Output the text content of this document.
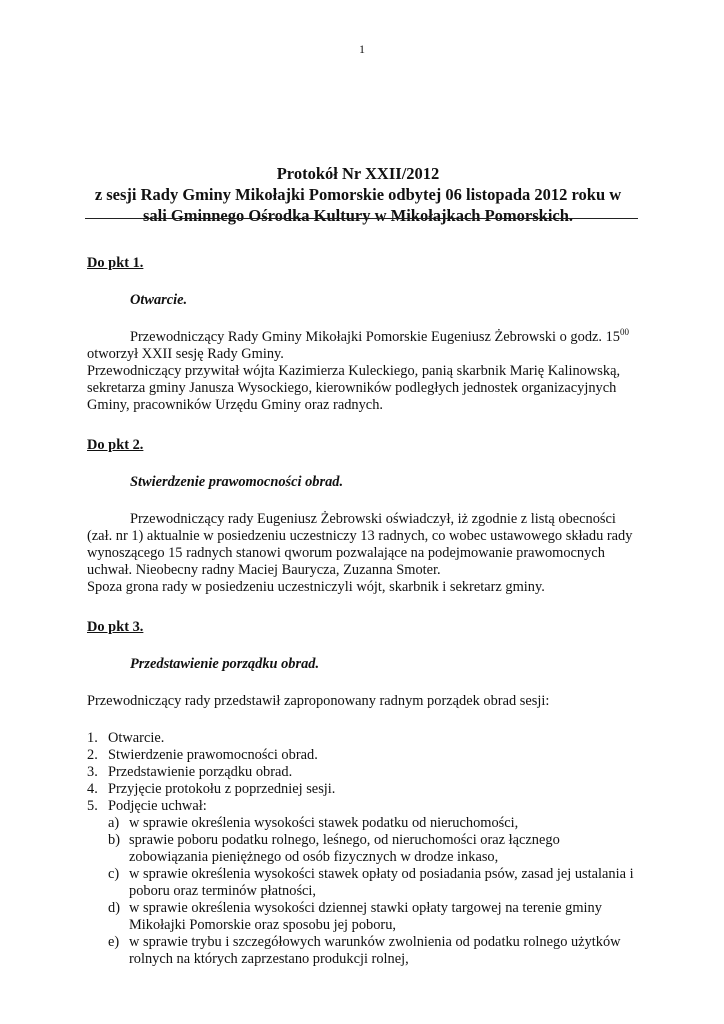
1
Protokół Nr XXII/2012
z sesji Rady Gminy Mikołajki Pomorskie odbytej 06 listopada 2012 roku w
sali Gminnego Ośrodka Kultury w Mikołajkach Pomorskich.

Do pkt 1.

Otwarcie.

Przewodniczący Rady Gminy Mikołajki Pomorskie Eugeniusz Żebrowski o godz. $15^{00}$ otworzył XXII sesję Rady Gminy.
Przewodniczący przywitał wójta Kazimierza Kuleckiego, panią skarbnik Marię Kalinowską, sekretarza gminy Janusza Wysockiego, kierowników podległych jednostek organizacyjnych Gminy, pracowników Urzędu Gminy oraz radnych.

Do pkt 2.

Stwierdzenie prawomocności obrad.

Przewodniczący rady Eugeniusz Żebrowski oświadczył, iż zgodnie z listą obecności (zał. nr 1) aktualnie w posiedzeniu uczestniczy 13 radnych, co wobec ustawowego składu rady wynoszącego 15 radnych stanowi qworum pozwalające na podejmowanie prawomocnych uchwał. Nieobecny radny Maciej Baurycza, Zuzanna Smoter.
Spoza grona rady w posiedzeniu uczestniczyli wójt, skarbnik i sekretarz gminy.

Do pkt 3.

Przedstawienie porządku obrad.

Przewodniczący rady przedstawił zaproponowany radnym porządek obrad sesji:

1. Otwarcie.
2. Stwierdzenie prawomocności obrad.
3. Przedstawienie porządku obrad.
4. Przyjęcie protokołu z poprzedniej sesji.
5. Podjęcie uchwał:
a) w sprawie określenia wysokości stawek podatku od nieruchomości,
b) sprawie poboru podatku rolnego, leśnego, od nieruchomości oraz łącznego zobowiązania pieniężnego od osób fizycznych w drodze inkaso,
c) w sprawie określenia wysokości stawek opłaty od posiadania psów, zasad jej ustalania i poboru oraz terminów płatności,
d) w sprawie określenia wysokości dziennej stawki opłaty targowej na terenie gminy Mikołajki Pomorskie oraz sposobu jej poboru,
e) w sprawie trybu i szczegółowych warunków zwolnienia od podatku rolnego użytków rolnych na których zaprzestano produkcji rolnej,
